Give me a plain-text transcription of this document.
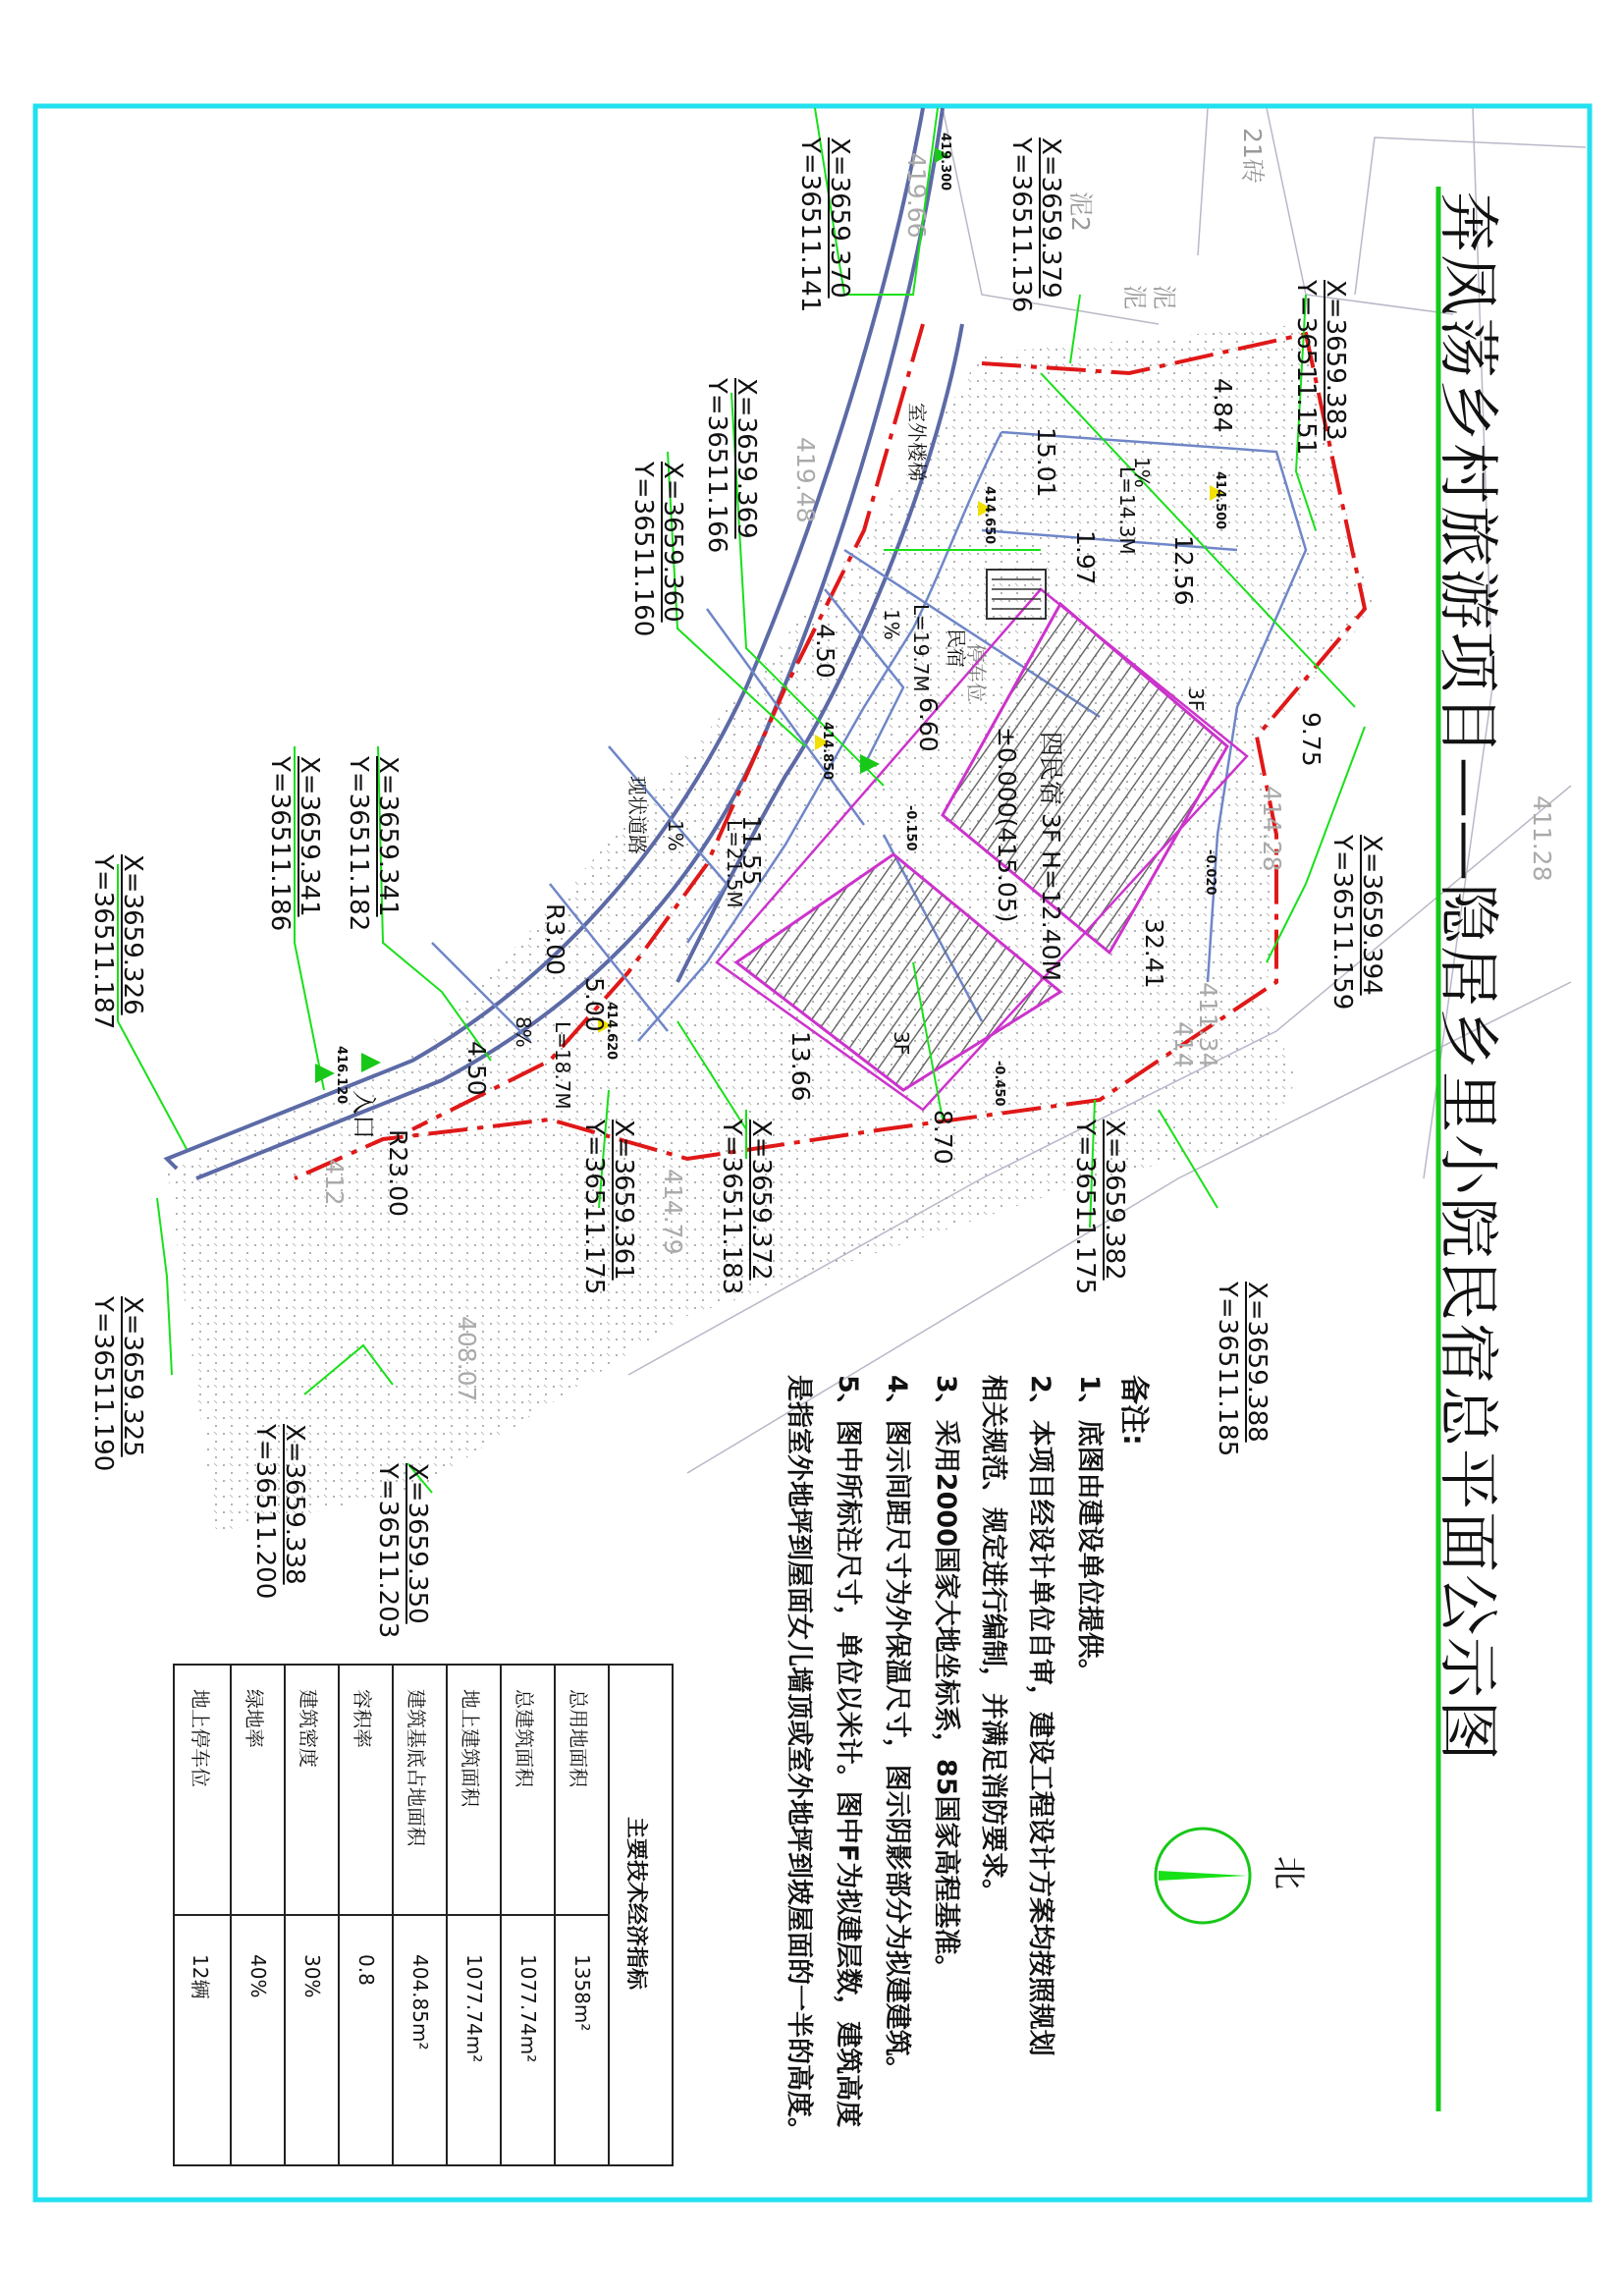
奔凤荡乡村旅游项目——隐居乡里小院民宿总平面公示图
北
备注:
1、底图由建设单位提供。
2、本项目经设计单位自审，建设工程设计方案均按照规划
相关规范、规定进行编制，并满足消防要求。
3、采用2000国家大地坐标系，85国家高程基准。
4、图示间距尺寸为外保温尺寸，图示阴影部分为拟建建筑。
5、图中所标注尺寸，单位以米计。图中F为拟建层数，建筑高度
是指室外地坪到屋面女儿墙顶或室外地坪到坡屋面的一半的高度。
主要技术经济指标
总用地面积
1358m²
总建筑面积
1077.74m²
地上建筑面积
1077.74m²
建筑基底占地面积
404.85m²
容积率
0.8
建筑密度
30%
绿地率
40%
地上停车位
12辆
X=3659.370
Y=36511.141	X=3659.379
Y=36511.136
X=3659.383
Y=36511.151
X=3659.369
Y=36511.166
X=3659.360
Y=36511.160
X=3659.394
Y=36511.159
X=3659.341
Y=36511.182
X=3659.341
Y=36511.186
X=3659.326
Y=36511.187
X=3659.382
Y=36511.175
X=3659.372
Y=36511.183
X=3659.361
Y=36511.175
X=3659.388
Y=36511.185
X=3659.325
Y=36511.190
X=3659.338
Y=36511.200	X=3659.350
Y=36511.203
4.84
15.01
12.56
9.75
1.97
4.50
6.60
11.55
32.41
13.66
8.70
4.50
R3.00
R23.00
L=14.3M
L=19.7M
L=21.5M
L=18.7M
1%
8%
1%
1%
419.300
414.650	414.500
414.850
-0.150
-0.020
-0.450
414.620
416.120
419.66
419.48
411.28
414.28
411.34
408.07
414.79
412
414
四民宿 3F H=12.40M
±0.000(415.05)
3F
3F
民宿
停车位
室外楼梯
现状道路
入口
5.00
泥
泥
泥2
21砖
